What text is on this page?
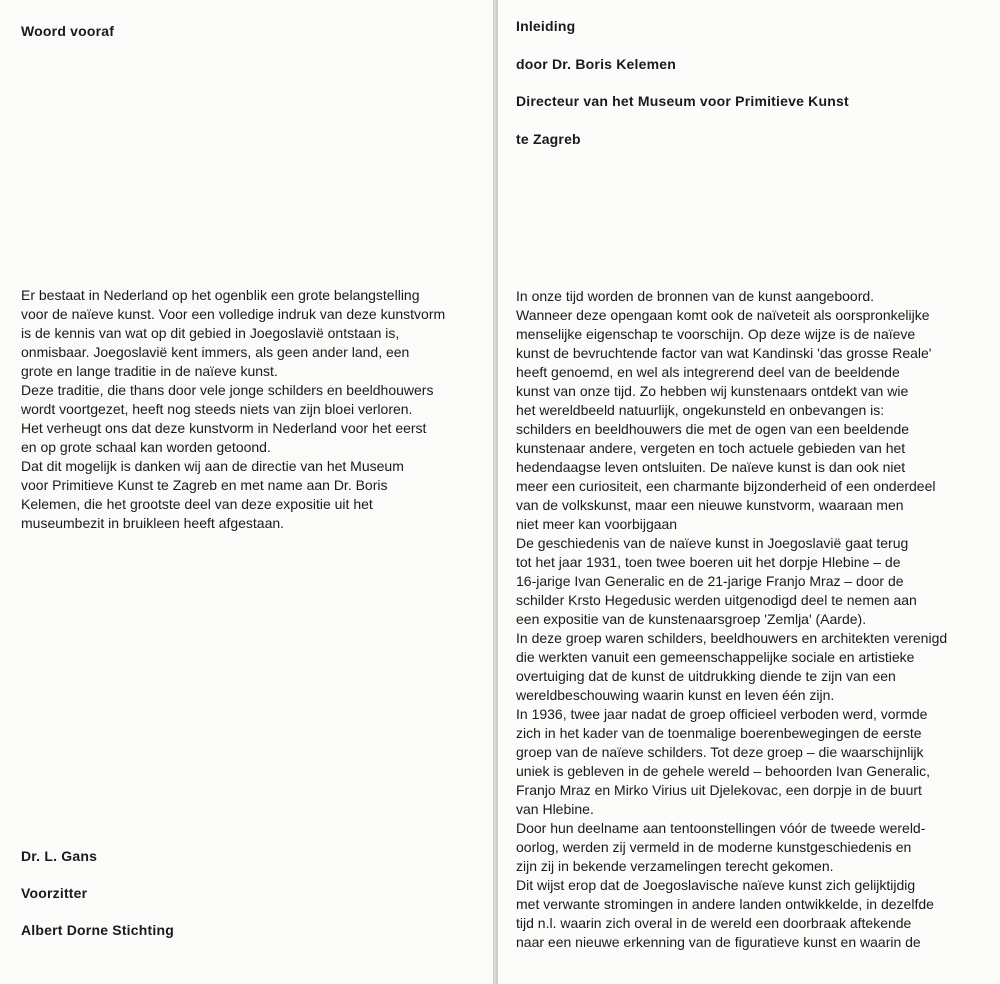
Woord vooraf

Er bestaat in Nederland op het ogenblik een grote belangstelling
voor de naïeve kunst. Voor een volledige indruk van deze kunstvorm
is de kennis van wat op dit gebied in Joegoslavië ontstaan is,
onmisbaar. Joegoslavië kent immers, als geen ander land, een
grote en lange traditie in de naïeve kunst.
Deze traditie, die thans door vele jonge schilders en beeldhouwers
wordt voortgezet, heeft nog steeds niets van zijn bloei verloren.
Het verheugt ons dat deze kunstvorm in Nederland voor het eerst
en op grote schaal kan worden getoond.
Dat dit mogelijk is danken wij aan de directie van het Museum
voor Primitieve Kunst te Zagreb en met name aan Dr. Boris
Kelemen, die het grootste deel van deze expositie uit het
museumbezit in bruikleen heeft afgestaan.

Dr. L. Gans
Voorzitter
Albert Dorne Stichting
Inleiding
door Dr. Boris Kelemen
Directeur van het Museum voor Primitieve Kunst
te Zagreb

In onze tijd worden de bronnen van de kunst aangeboord.
Wanneer deze opengaan komt ook de naïveteit als oorspronkelijke
menselijke eigenschap te voorschijn. Op deze wijze is de naïeve
kunst de bevruchtende factor van wat Kandinski 'das grosse Reale'
heeft genoemd, en wel als integrerend deel van de beeldende
kunst van onze tijd. Zo hebben wij kunstenaars ontdekt van wie
het wereldbeeld natuurlijk, ongekunsteld en onbevangen is:
schilders en beeldhouwers die met de ogen van een beeldende
kunstenaar andere, vergeten en toch actuele gebieden van het
hedendaagse leven ontsluiten. De naïeve kunst is dan ook niet
meer een curiositeit, een charmante bijzonderheid of een onderdeel
van de volkskunst, maar een nieuwe kunstvorm, waaraan men
niet meer kan voorbijgaan
De geschiedenis van de naïeve kunst in Joegoslavië gaat terug
tot het jaar 1931, toen twee boeren uit het dorpje Hlebine – de
16-jarige Ivan Generalic en de 21-jarige Franjo Mraz – door de
schilder Krsto Hegedusic werden uitgenodigd deel te nemen aan
een expositie van de kunstenaarsgroep 'Zemlja' (Aarde).
In deze groep waren schilders, beeldhouwers en architekten verenigd
die werkten vanuit een gemeenschappelijke sociale en artistieke
overtuiging dat de kunst de uitdrukking diende te zijn van een
wereldbeschouwing waarin kunst en leven één zijn.
In 1936, twee jaar nadat de groep officieel verboden werd, vormde
zich in het kader van de toenmalige boerenbewegingen de eerste
groep van de naïeve schilders. Tot deze groep – die waarschijnlijk
uniek is gebleven in de gehele wereld – behoorden Ivan Generalic,
Franjo Mraz en Mirko Virius uit Djelekovac, een dorpje in de buurt
van Hlebine.
Door hun deelname aan tentoonstellingen vóór de tweede wereld-
oorlog, werden zij vermeld in de moderne kunstgeschiedenis en
zijn zij in bekende verzamelingen terecht gekomen.
Dit wijst erop dat de Joegoslavische naïeve kunst zich gelijktijdig
met verwante stromingen in andere landen ontwikkelde, in dezelfde
tijd n.l. waarin zich overal in de wereld een doorbraak aftekende
naar een nieuwe erkenning van de figuratieve kunst en waarin de
